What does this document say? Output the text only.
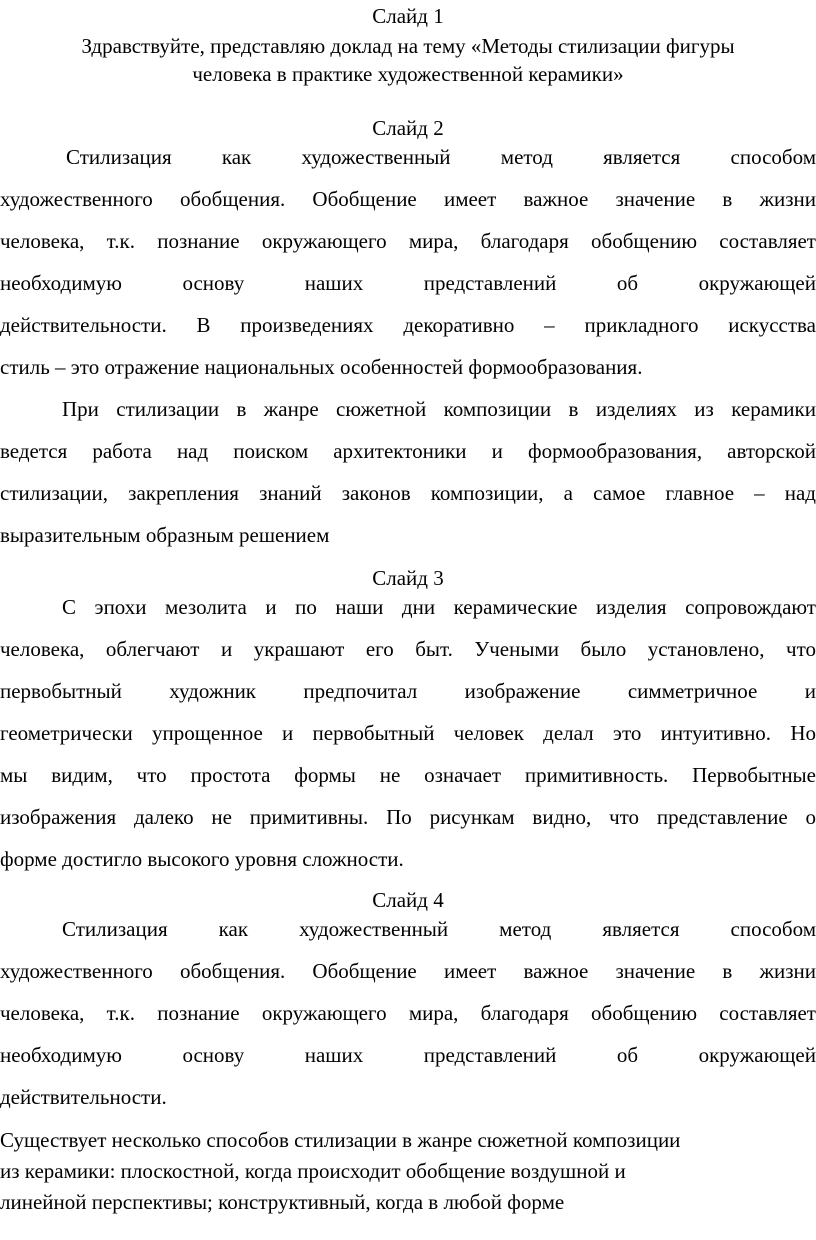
Слайд 1
Здравствуйте, представляю доклад на тему «Методы стилизации фигуры
человека в практике художественной керамики»
Слайд 2
Стилизация как художественный метод является способом
художественного обобщения. Обобщение имеет важное значение в жизни
человека, т.к. познание окружающего мира, благодаря обобщению составляет
необходимую основу наших представлений об окружающей
действительности. В произведениях декоративно – прикладного искусства
стиль – это отражение национальных особенностей формообразования.
При стилизации в жанре сюжетной композиции в изделиях из керамики
ведется работа над поиском архитектоники и формообразования, авторской
стилизации, закрепления знаний законов композиции, а самое главное – над
выразительным образным решением
Слайд 3
С эпохи мезолита и по наши дни керамические изделия сопровождают
человека, облегчают и украшают его быт. Учеными было установлено, что
первобытный художник предпочитал изображение симметричное и
геометрически упрощенное и первобытный человек делал это интуитивно. Но
мы видим, что простота формы не означает примитивность. Первобытные
изображения далеко не примитивны. По рисункам видно, что представление о
форме достигло высокого уровня сложности.
Слайд 4
Стилизация как художественный метод является способом
художественного обобщения. Обобщение имеет важное значение в жизни
человека, т.к. познание окружающего мира, благодаря обобщению составляет
необходимую основу наших представлений об окружающей
действительности.
Существует несколько способов стилизации в жанре сюжетной композиции
из керамики: плоскостной, когда происходит обобщение воздушной и
линейной перспективы; конструктивный, когда в любой форме
